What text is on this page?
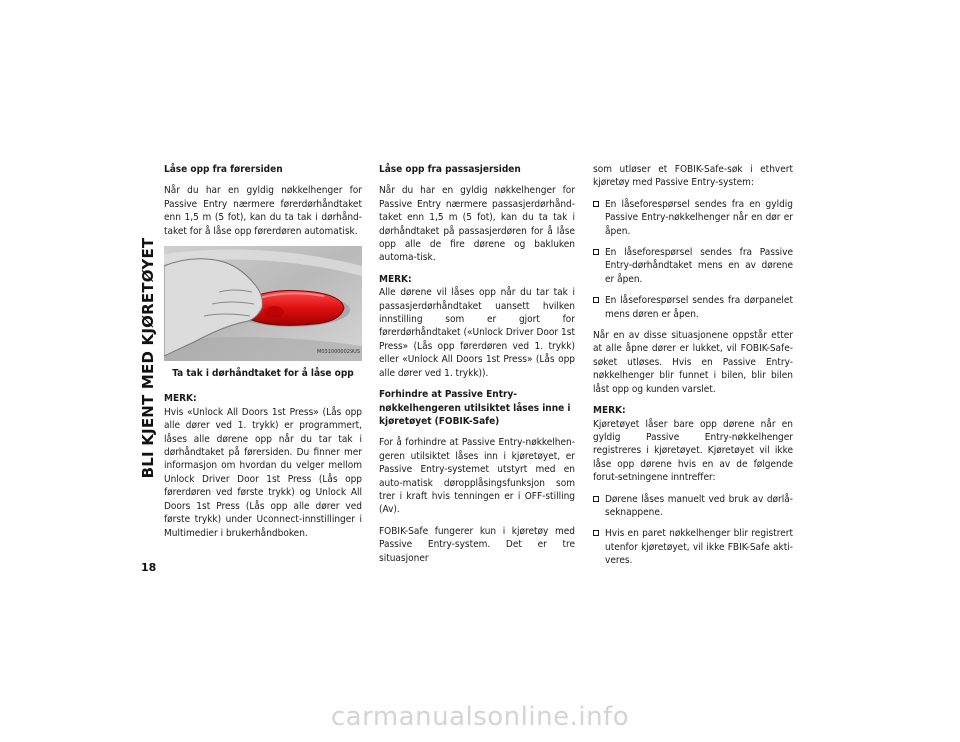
BLI KJENT MED KJØRETØYET
18
Låse opp fra førersiden

Når du har en gyldig nøkkelhenger for Passive Entry nærmere førerdørhåndtaket enn 1,5 m (5 fot), kan du ta tak i dørhånd-taket for å låse opp førerdøren automatisk.

M0310000029US
Ta tak i dørhåndtaket for å låse opp
MERK:

Hvis «Unlock All Doors 1st Press» (Lås opp alle dører ved 1. trykk) er programmert, låses alle dørene opp når du tar tak i dørhåndtaket på førersiden. Du finner mer informasjon om hvordan du velger mellom Unlock Driver Door 1st Press (Lås opp førerdøren ved første trykk) og Unlock All Doors 1st Press (Lås opp alle dører ved første trykk) under Uconnect-innstillinger i Multimedier i brukerhåndboken.

Låse opp fra passasjersiden

Når du har en gyldig nøkkelhenger for Passive Entry nærmere passasjerdørhånd-taket enn 1,5 m (5 fot), kan du ta tak i dørhåndtaket på passasjerdøren for å låse opp alle de fire dørene og bakluken automa-tisk.

MERK:

Alle dørene vil låses opp når du tar tak i passasjerdørhåndtaket uansett hvilken innstilling som er gjort for førerdørhåndtaket («Unlock Driver Door 1st Press» (Lås opp førerdøren ved 1. trykk) eller «Unlock All Doors 1st Press» (Lås opp alle dører ved 1. trykk)).

Forhindre at Passive Entry-nøkkelhengeren utilsiktet låses inne i kjøretøyet (FOBIK-Safe)

For å forhindre at Passive Entry-nøkkelhen-geren utilsiktet låses inn i kjøretøyet, er Passive Entry-systemet utstyrt med en auto-matisk døropplåsingsfunksjon som trer i kraft hvis tenningen er i OFF-stilling (Av).

FOBIK-Safe fungerer kun i kjøretøy med Passive Entry-system. Det er tre situasjoner

som utløser et FOBIK-Safe-søk i ethvert kjøretøy med Passive Entry-system:

En låseforespørsel sendes fra en gyldig Passive Entry-nøkkelhenger når en dør er åpen.
En låseforespørsel sendes fra Passive Entry-dørhåndtaket mens en av dørene er åpen.
En låseforespørsel sendes fra dørpanelet mens døren er åpen.

Når en av disse situasjonene oppstår etter at alle åpne dører er lukket, vil FOBIK-Safe-søket utløses. Hvis en Passive Entry-nøkkelhenger blir funnet i bilen, blir bilen låst opp og kunden varslet.

MERK:

Kjøretøyet låser bare opp dørene når en gyldig Passive Entry-nøkkelhenger registreres i kjøretøyet. Kjøretøyet vil ikke låse opp dørene hvis en av de følgende forut-setningene inntreffer:

Dørene låses manuelt ved bruk av dørlå-seknappene.
Hvis en paret nøkkelhenger blir registrert utenfor kjøretøyet, vil ikke FBIK-Safe akti-veres.
carmanualsonline.info
